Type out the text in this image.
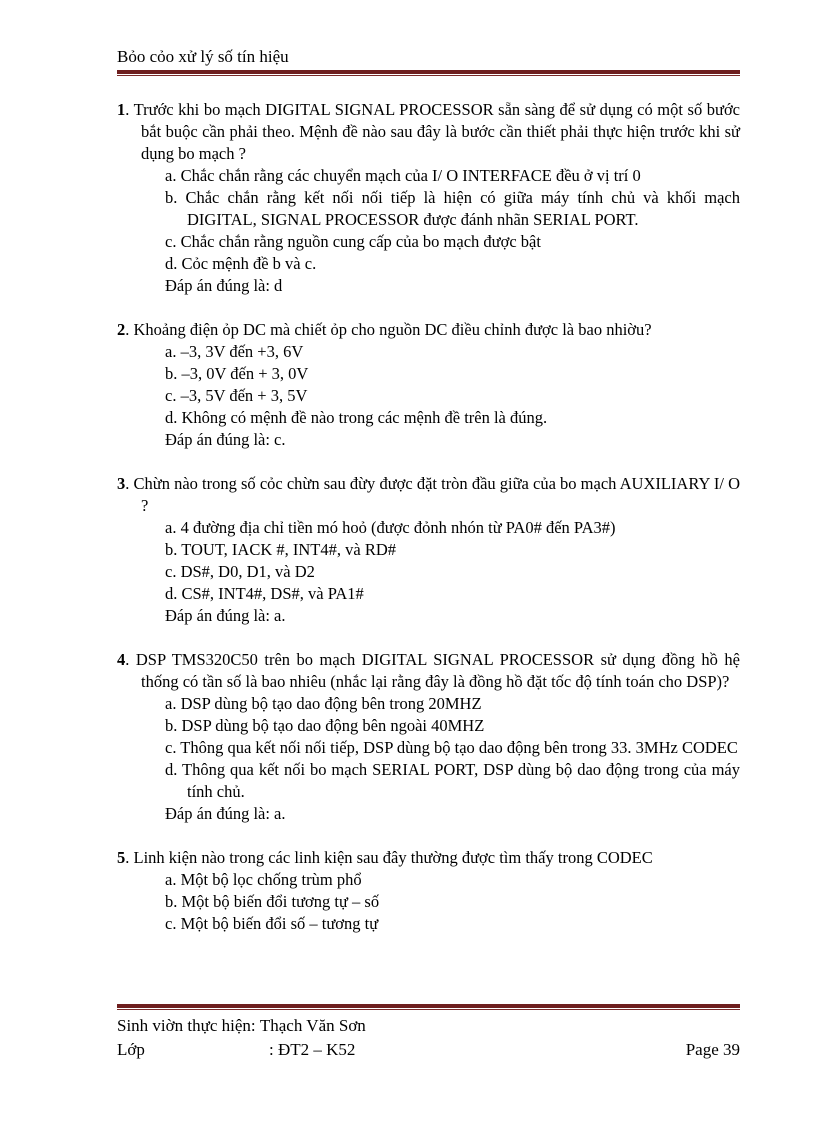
Bỏo cỏo xử lý số tín hiệu
1. Trước khi bo mạch DIGITAL SIGNAL PROCESSOR sẵn sàng để sử dụng có một số bước bắt buộc cần phải theo. Mệnh đề nào sau đây là bước cần thiết phải thực hiện trước khi sử dụng bo mạch ?
a. Chắc chắn rằng các chuyển mạch của I/ O INTERFACE đều ở vị trí 0
b. Chắc chắn rằng kết nối nối tiếp là hiện có giữa máy tính chủ và khối mạch DIGITAL, SIGNAL PROCESSOR được đánh nhãn SERIAL PORT.
c. Chắc chắn rằng nguồn cung cấp của bo mạch được bật
d. Cỏc mệnh đề b và c.
Đáp án đúng là: d
2. Khoảng điện ỏp DC mà chiết ỏp cho nguồn DC điều chỉnh được là bao nhiờu?
a. –3, 3V đến +3, 6V
b. –3, 0V đến + 3, 0V
c. –3, 5V đến + 3, 5V
d. Không có mệnh đề nào trong các mệnh đề trên là đúng.
Đáp án đúng là: c.
3. Chừn nào trong số cỏc chừn sau đừy được đặt tròn đầu giữa của bo mạch AUXILIARY I/ O ?
a. 4 đường địa chỉ tiền mó hoỏ (được đỏnh nhón từ PA0# đến PA3#)
b. TOUT, IACK #, INT4#, và RD#
c. DS#, D0, D1, và D2
d. CS#, INT4#, DS#, và PA1#
Đáp án đúng là: a.
4. DSP TMS320C50 trên bo mạch DIGITAL SIGNAL PROCESSOR sử dụng đồng hồ hệ thống có tần số là bao nhiêu (nhắc lại rằng đây là đồng hồ đặt tốc độ tính toán cho DSP)?
a. DSP dùng bộ tạo dao động bên trong 20MHZ
b. DSP dùng bộ tạo dao động bên ngoài 40MHZ
c. Thông qua kết nối nối tiếp, DSP dùng bộ tạo dao động bên trong 33. 3MHz CODEC
d. Thông qua kết nối bo mạch SERIAL PORT, DSP dùng bộ dao động trong của máy tính chủ.
Đáp án đúng là: a.
5. Linh kiện nào trong các linh kiện sau đây thường được tìm thấy trong CODEC
a. Một bộ lọc chống trùm phổ
b. Một bộ biến đổi tương tự – số
c. Một bộ biến đổi số – tương tự
Sinh viờn thực hiện:
Thạch Văn Sơn
Lớp	: ĐT2 – K52	Page 39
